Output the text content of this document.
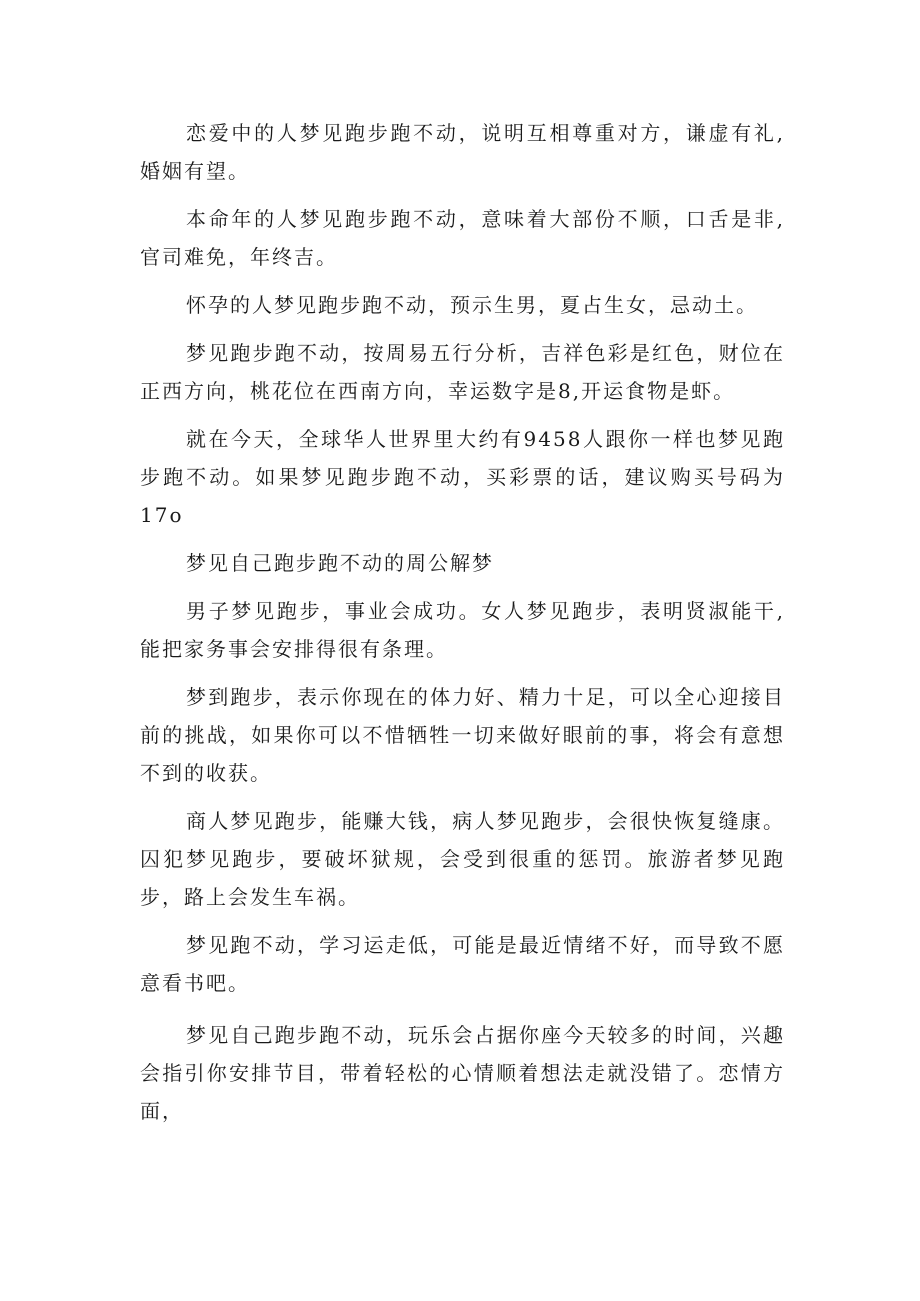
恋爱中的人梦见跑步跑不动，说明互相尊重对方，谦虚有礼,婚姻有望。

本命年的人梦见跑步跑不动，意味着大部份不顺，口舌是非,官司难免，年终吉。

怀孕的人梦见跑步跑不动，预示生男，夏占生女，忌动土。

梦见跑步跑不动，按周易五行分析，吉祥色彩是红色，财位在正西方向，桃花位在西南方向，幸运数字是8,开运食物是虾。

就在今天，全球华人世界里大约有9458人跟你一样也梦见跑步跑不动。如果梦见跑步跑不动，买彩票的话，建议购买号码为17o

梦见自己跑步跑不动的周公解梦

男子梦见跑步，事业会成功。女人梦见跑步，表明贤淑能干,能把家务事会安排得很有条理。

梦到跑步，表示你现在的体力好、精力十足，可以全心迎接目前的挑战，如果你可以不惜牺牲一切来做好眼前的事，将会有意想不到的收获。

商人梦见跑步，能赚大钱，病人梦见跑步，会很快恢复缝康。囚犯梦见跑步，要破坏狱规，会受到很重的惩罚。旅游者梦见跑步，路上会发生车祸。

梦见跑不动，学习运走低，可能是最近情绪不好，而导致不愿意看书吧。

梦见自己跑步跑不动，玩乐会占据你座今天较多的时间，兴趣会指引你安排节目，带着轻松的心情顺着想法走就没错了。恋情方面，
